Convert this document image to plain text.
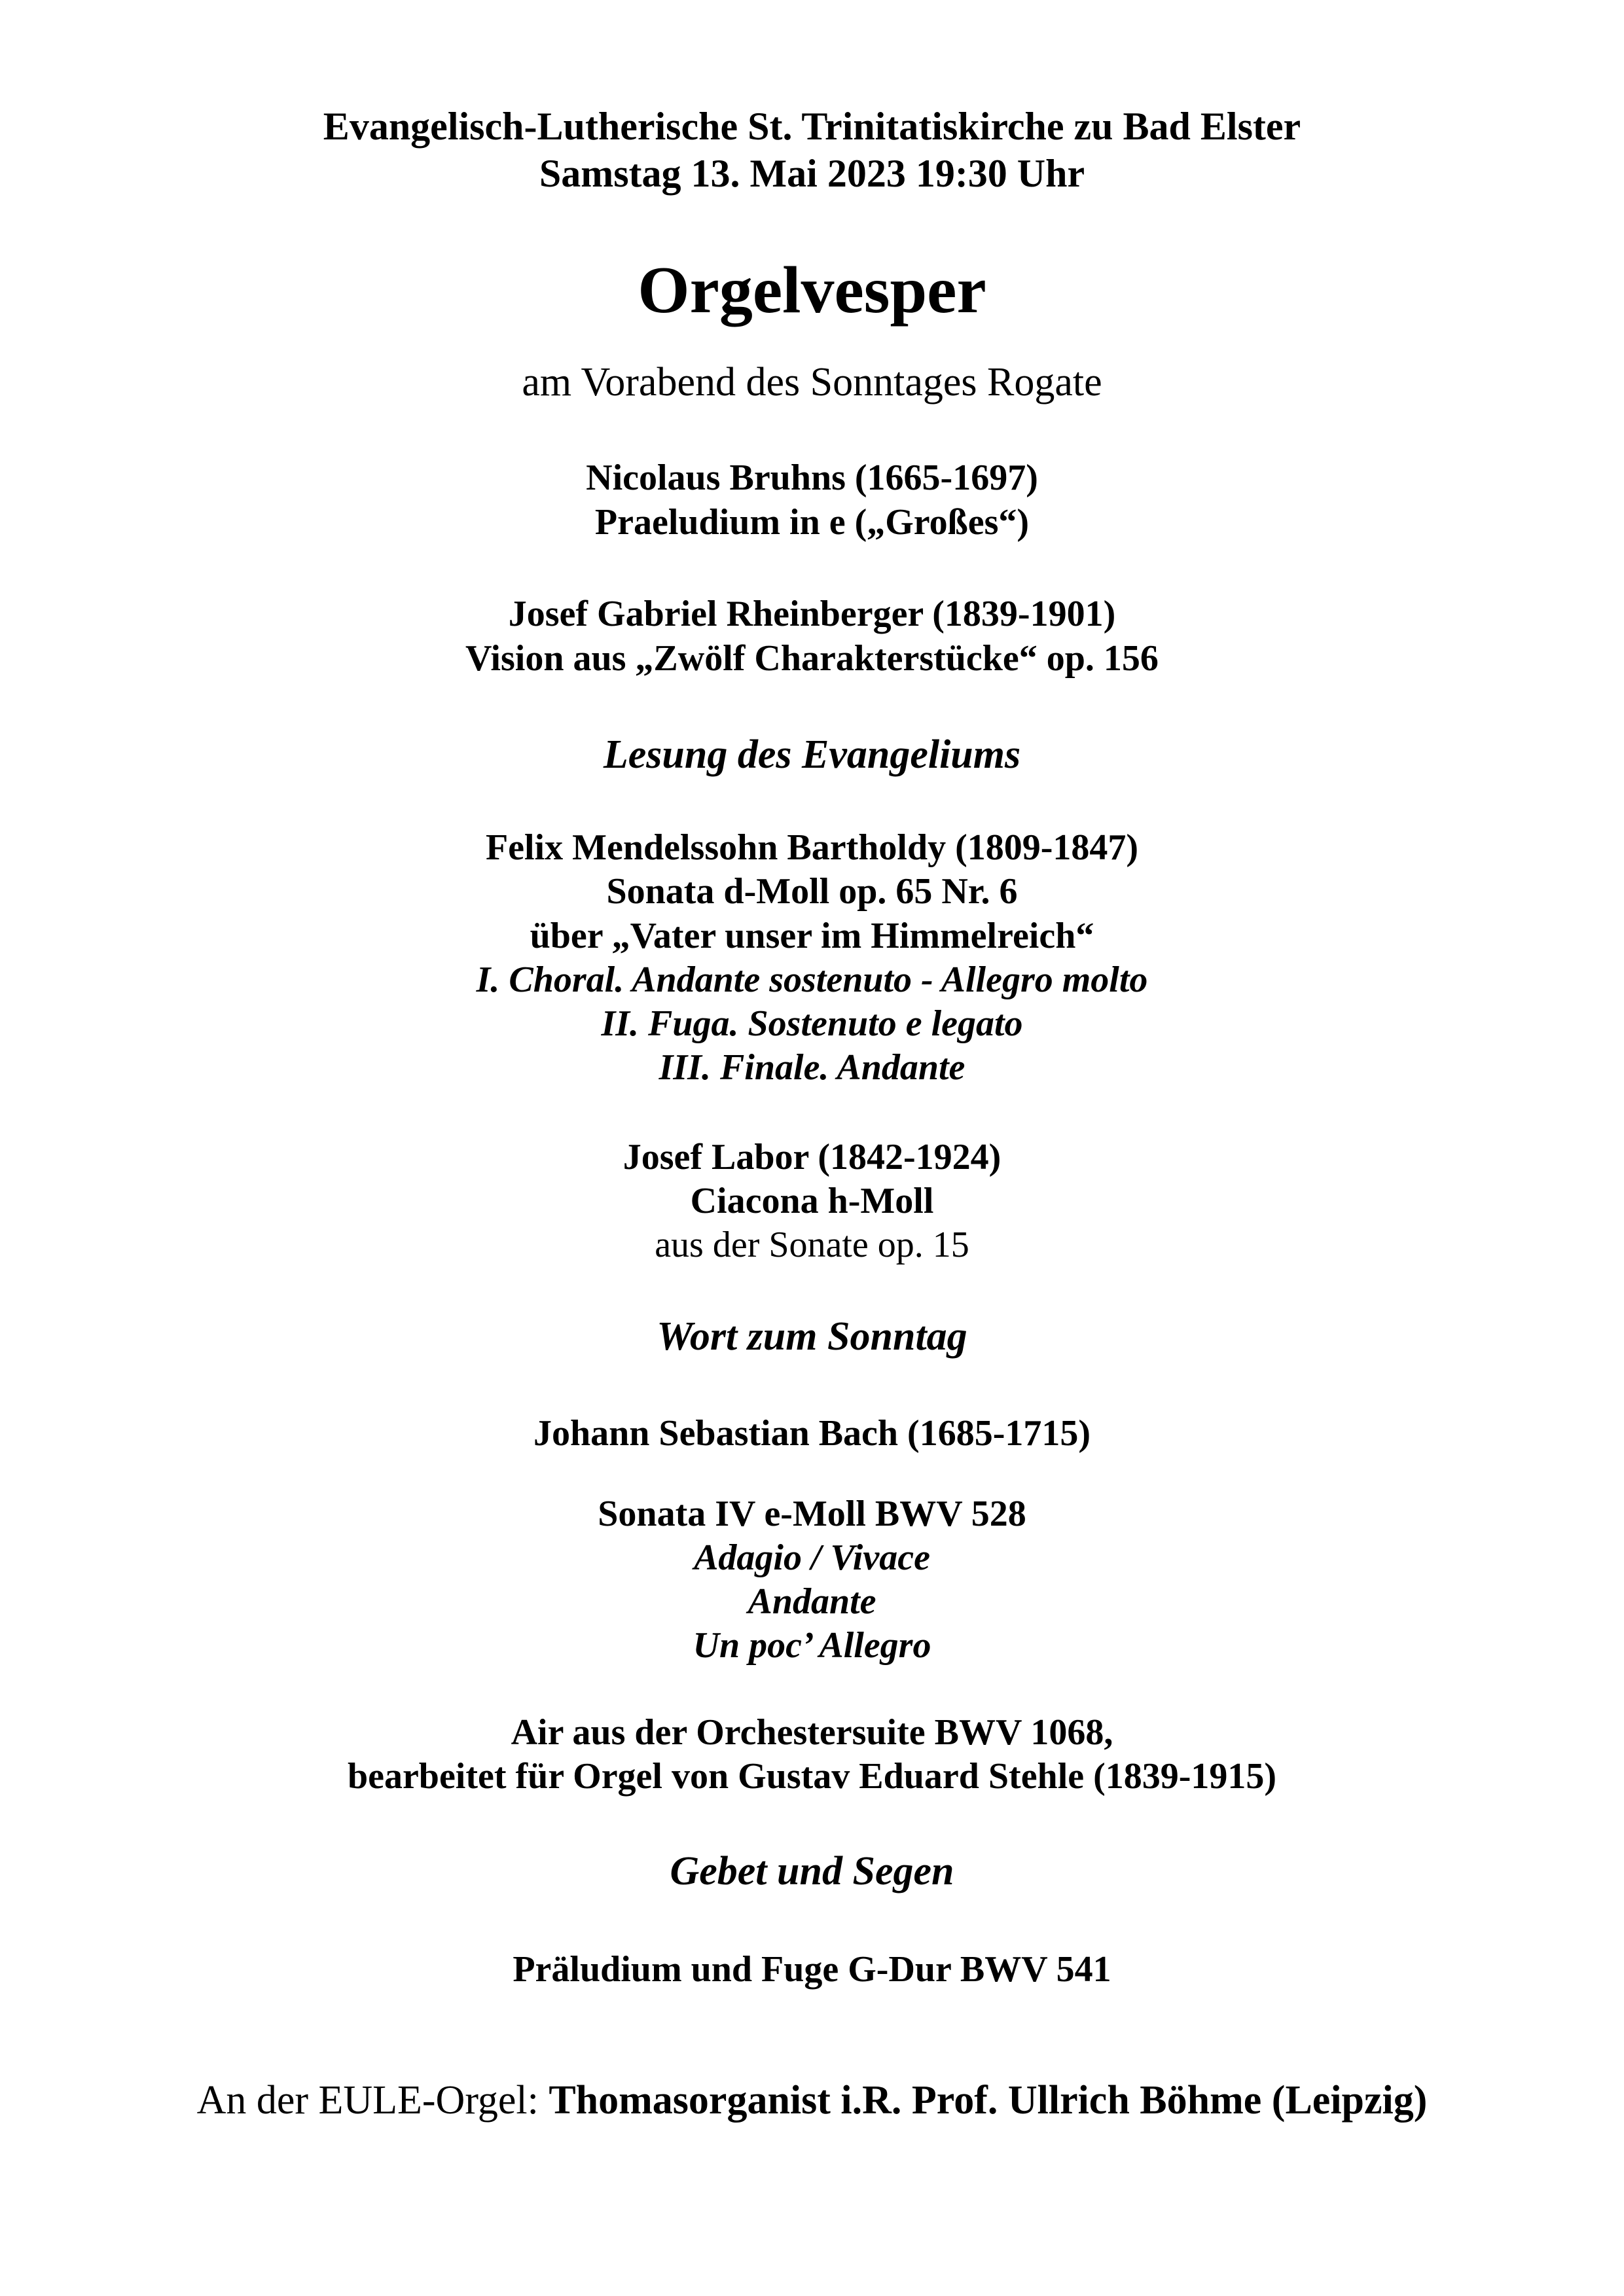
Evangelisch-Lutherische St. Trinitatiskirche zu Bad Elster
Samstag 13. Mai 2023 19:30 Uhr
Orgelvesper
am Vorabend des Sonntages Rogate
Nicolaus Bruhns (1665-1697)
Praeludium in e („Großes“)
Josef Gabriel Rheinberger (1839-1901)
Vision aus „Zwölf Charakterstücke“ op. 156
Lesung des Evangeliums
Felix Mendelssohn Bartholdy (1809-1847)
Sonata d-Moll op. 65 Nr. 6
über „Vater unser im Himmelreich“
I. Choral. Andante sostenuto - Allegro molto
II. Fuga. Sostenuto e legato
III. Finale. Andante
Josef Labor (1842-1924)
Ciacona h-Moll
aus der Sonate op. 15
Wort zum Sonntag
Johann Sebastian Bach (1685-1715)
Sonata IV e-Moll BWV 528
Adagio / Vivace
Andante
Un poc’ Allegro
Air aus der Orchestersuite BWV 1068,
bearbeitet für Orgel von Gustav Eduard Stehle (1839-1915)
Gebet und Segen
Präludium und Fuge G-Dur BWV 541
An der EULE-Orgel: Thomasorganist i.R. Prof. Ullrich Böhme (Leipzig)
